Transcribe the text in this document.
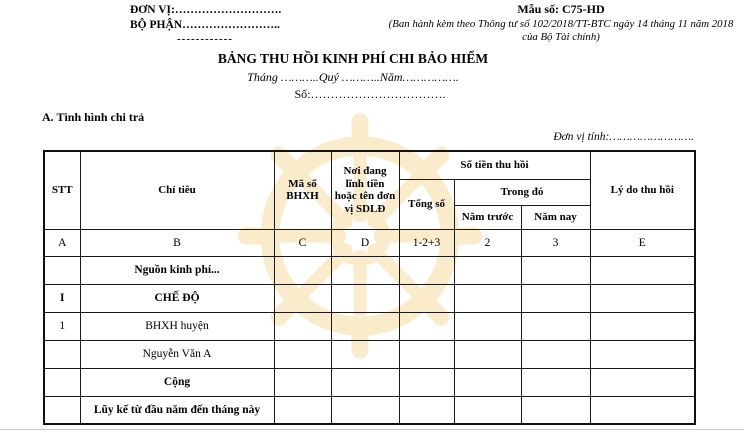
ĐƠN VỊ:……………………….
BỘ PHẬN……………………..
------------
Mẫu số: C75-HD
(Ban hành kèm theo Thông tư số 102/2018/TT-BTC ngày 14 tháng 11 năm 2018 của Bộ Tài chính)
BẢNG THU HỒI KINH PHÍ CHI BẢO HIỂM
Tháng ………..Quý ………..Năm…………….
Số:…………………………….
A. Tình hình chi trả
Đơn vị tính:…………………….
STT	Chỉ tiêu	Mã số BHXH	Nơi đang lĩnh tiền hoặc tên đơn vị SDLĐ	Số tiền thu hồi			Lý do thu hồi
				Tổng số	Trong đó		
					Năm trước	Năm nay	
A	B	C	D	1-2+3	2	3	E
	Nguồn kinh phí...						
I	CHẾ ĐỘ						
1	BHXH huyện						
	Nguyễn Văn A						
	Cộng						
	Lũy kế từ đầu năm đến tháng này						
